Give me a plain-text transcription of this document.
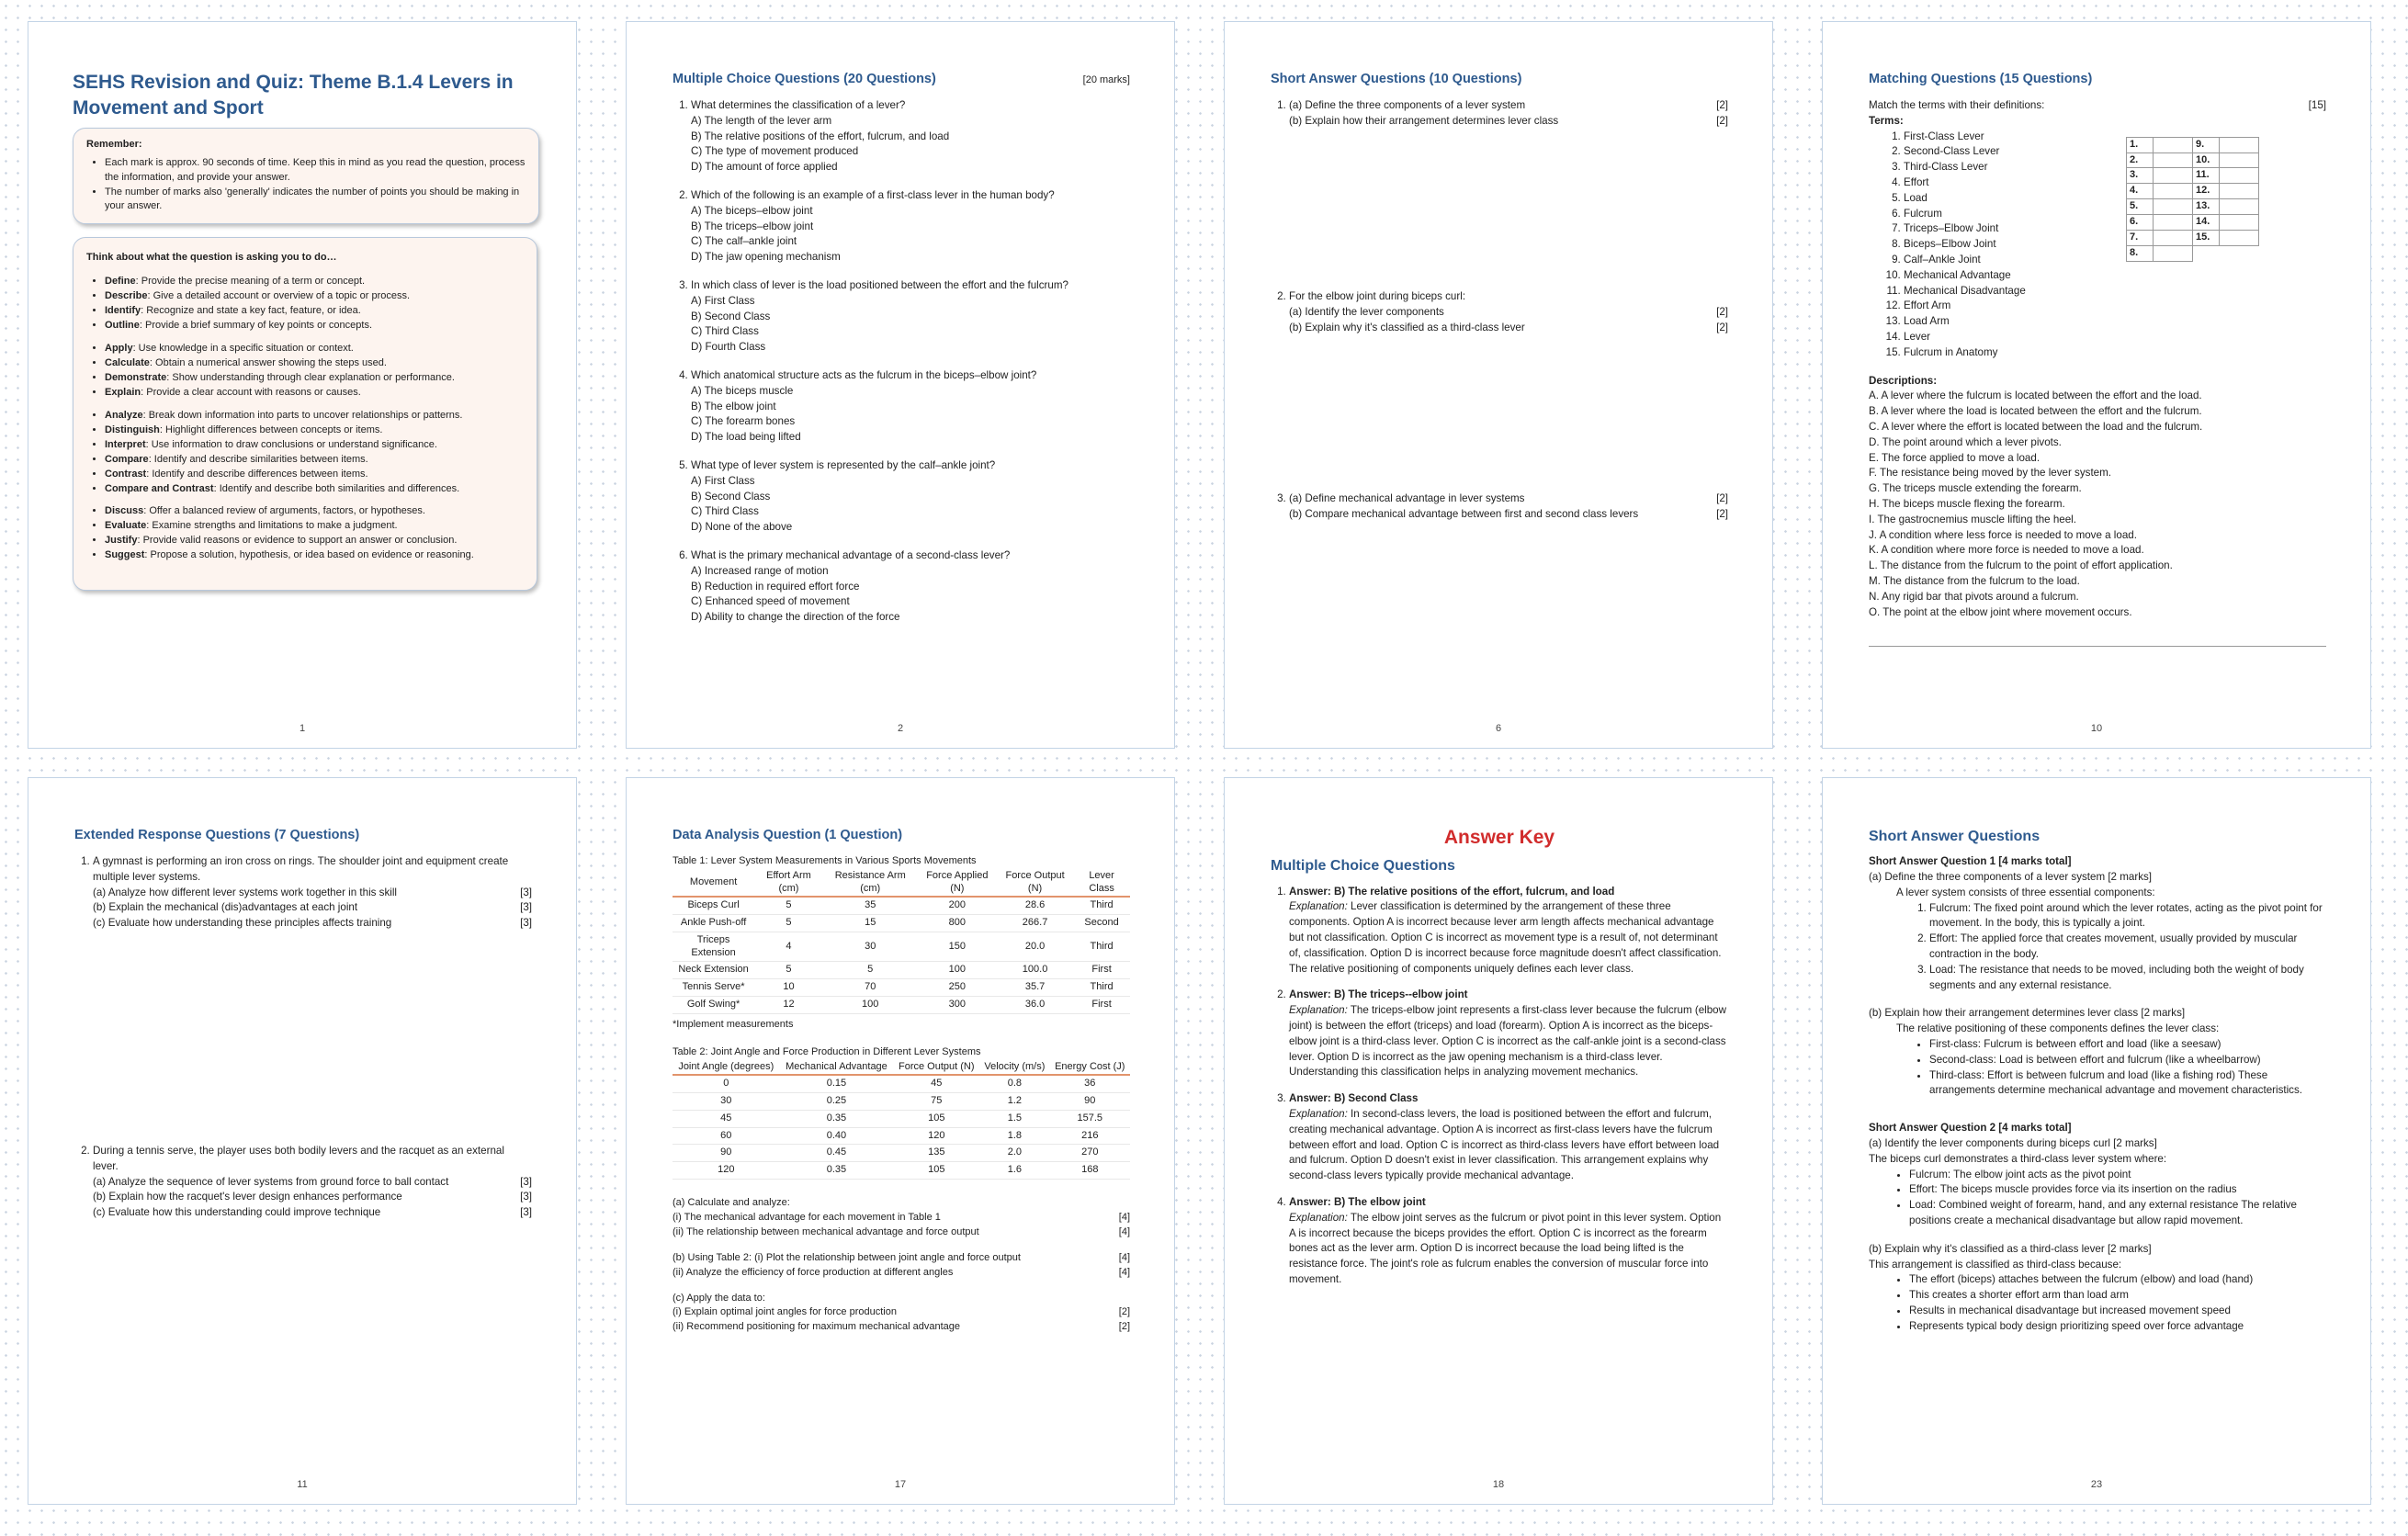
SEHS Revision and Quiz: Theme B.1.4 Levers in Movement and Sport
Remember:
• Each mark is approx. 90 seconds of time. Keep this in mind as you read the question, process the information, and provide your answer.
• The number of marks also 'generally' indicates the number of points you should be making in your answer.
Think about what the question is asking you to do…
• Define: Provide the precise meaning of a term or concept.
• Describe: Give a detailed account or overview of a topic or process.
• Identify: Recognize and state a key fact, feature, or idea.
• Outline: Provide a brief summary of key points or concepts.
• Apply: Use knowledge in a specific situation or context.
• Calculate: Obtain a numerical answer showing the steps used.
• Demonstrate: Show understanding through clear explanation or performance.
• Explain: Provide a clear account with reasons or causes.
• Analyze: Break down information into parts to uncover relationships or patterns.
• Distinguish: Highlight differences between concepts or items.
• Interpret: Use information to draw conclusions or understand significance.
• Compare: Identify and describe similarities between items.
• Contrast: Identify and describe differences between items.
• Compare and Contrast: Identify and describe both similarities and differences.
• Discuss: Offer a balanced review of arguments, factors, or hypotheses.
• Evaluate: Examine strengths and limitations to make a judgment.
• Justify: Provide valid reasons or evidence to support an answer or conclusion.
• Suggest: Propose a solution, hypothesis, or idea based on evidence or reasoning.
1
Multiple Choice Questions (20 Questions)	[20 marks]
1. What determines the classification of a lever?
A) The length of the lever arm
B) The relative positions of the effort, fulcrum, and load
C) The type of movement produced
D) The amount of force applied
2. Which of the following is an example of a first-class lever in the human body?
A) The biceps–elbow joint
B) The triceps–elbow joint
C) The calf–ankle joint
D) The jaw opening mechanism
3. In which class of lever is the load positioned between the effort and the fulcrum?
A) First Class
B) Second Class
C) Third Class
D) Fourth Class
4. Which anatomical structure acts as the fulcrum in the biceps–elbow joint?
A) The biceps muscle
B) The elbow joint
C) The forearm bones
D) The load being lifted
5. What type of lever system is represented by the calf–ankle joint?
A) First Class
B) Second Class
C) Third Class
D) None of the above
6. What is the primary mechanical advantage of a second-class lever?
A) Increased range of motion
B) Reduction in required effort force
C) Enhanced speed of movement
D) Ability to change the direction of the force
2
Short Answer Questions (10 Questions)
1. (a) Define the three components of a lever system	[2]
(b) Explain how their arrangement determines lever class	[2]
2. For the elbow joint during biceps curl:
(a) Identify the lever components	[2]
(b) Explain why it's classified as a third-class lever	[2]
3. (a) Define mechanical advantage in lever systems	[2]
(b) Compare mechanical advantage between first and second class levers	[2]
6
Matching Questions (15 Questions)
Match the terms with their definitions:	[15]
Terms:
1. First-Class Lever
2. Second-Class Lever
3. Third-Class Lever
4. Effort
5. Load
6. Fulcrum
7. Triceps–Elbow Joint
8. Biceps–Elbow Joint
9. Calf–Ankle Joint
10. Mechanical Advantage
11. Mechanical Disadvantage
12. Effort Arm
13. Load Arm
14. Lever
15. Fulcrum in Anatomy
1.		9.	
2.		10.	
3.		11.	
4.		12.	
5.		13.	
6.		14.	
7.		15.	
8.			
Descriptions:
A. A lever where the fulcrum is located between the effort and the load.
B. A lever where the load is located between the effort and the fulcrum.
C. A lever where the effort is located between the load and the fulcrum.
D. The point around which a lever pivots.
E. The force applied to move a load.
F. The resistance being moved by the lever system.
G. The triceps muscle extending the forearm.
H. The biceps muscle flexing the forearm.
I. The gastrocnemius muscle lifting the heel.
J. A condition where less force is needed to move a load.
K. A condition where more force is needed to move a load.
L. The distance from the fulcrum to the point of effort application.
M. The distance from the fulcrum to the load.
N. Any rigid bar that pivots around a fulcrum.
O. The point at the elbow joint where movement occurs.
10
Extended Response Questions (7 Questions)
1. A gymnast is performing an iron cross on rings. The shoulder joint and equipment create multiple lever systems.
(a) Analyze how different lever systems work together in this skill	[3]
(b) Explain the mechanical (dis)advantages at each joint	[3]
(c) Evaluate how understanding these principles affects training	[3]
2. During a tennis serve, the player uses both bodily levers and the racquet as an external lever.
(a) Analyze the sequence of lever systems from ground force to ball contact	[3]
(b) Explain how the racquet's lever design enhances performance	[3]
(c) Evaluate how this understanding could improve technique	[3]
11
Data Analysis Question (1 Question)
Table 1: Lever System Measurements in Various Sports Movements
Movement	Effort Arm (cm)	Resistance Arm (cm)	Force Applied (N)	Force Output (N)	Lever Class
Biceps Curl	5	35	200	28.6	Third
Ankle Push-off	5	15	800	266.7	Second
Triceps Extension	4	30	150	20.0	Third
Neck Extension	5	5	100	100.0	First
Tennis Serve*	10	70	250	35.7	Third
Golf Swing*	12	100	300	36.0	First
*Implement measurements
Table 2: Joint Angle and Force Production in Different Lever Systems
Joint Angle (degrees)	Mechanical Advantage	Force Output (N)	Velocity (m/s)	Energy Cost (J)
0	0.15	45	0.8	36
30	0.25	75	1.2	90
45	0.35	105	1.5	157.5
60	0.40	120	1.8	216
90	0.45	135	2.0	270
120	0.35	105	1.6	168
(a) Calculate and analyze:
(i) The mechanical advantage for each movement in Table 1	[4]
(ii) The relationship between mechanical advantage and force output	[4]
(b) Using Table 2: (i) Plot the relationship between joint angle and force output	[4]
(ii) Analyze the efficiency of force production at different angles	[4]
(c) Apply the data to:
(i) Explain optimal joint angles for force production	[2]
(ii) Recommend positioning for maximum mechanical advantage	[2]
17
Answer Key
Multiple Choice Questions
1. Answer: B) The relative positions of the effort, fulcrum, and load
Explanation: Lever classification is determined by the arrangement of these three components. Option A is incorrect because lever arm length affects mechanical advantage but not classification. Option C is incorrect as movement type is a result of, not determinant of, classification. Option D is incorrect because force magnitude doesn't affect classification. The relative positioning of components uniquely defines each lever class.
2. Answer: B) The triceps--elbow joint
Explanation: The triceps-elbow joint represents a first-class lever because the fulcrum (elbow joint) is between the effort (triceps) and load (forearm). Option A is incorrect as the biceps-elbow joint is a third-class lever. Option C is incorrect as the calf-ankle joint is a second-class lever. Option D is incorrect as the jaw opening mechanism is a third-class lever. Understanding this classification helps in analyzing movement mechanics.
3. Answer: B) Second Class
Explanation: In second-class levers, the load is positioned between the effort and fulcrum, creating mechanical advantage. Option A is incorrect as first-class levers have the fulcrum between effort and load. Option C is incorrect as third-class levers have effort between load and fulcrum. Option D doesn't exist in lever classification. This arrangement explains why second-class levers typically provide mechanical advantage.
4. Answer: B) The elbow joint
Explanation: The elbow joint serves as the fulcrum or pivot point in this lever system. Option A is incorrect because the biceps provides the effort. Option C is incorrect as the forearm bones act as the lever arm. Option D is incorrect because the load being lifted is the resistance force. The joint's role as fulcrum enables the conversion of muscular force into movement.
18
Short Answer Questions
Short Answer Question 1 [4 marks total]
(a) Define the three components of a lever system [2 marks]
A lever system consists of three essential components:
1. Fulcrum: The fixed point around which the lever rotates, acting as the pivot point for movement. In the body, this is typically a joint.
2. Effort: The applied force that creates movement, usually provided by muscular contraction in the body.
3. Load: The resistance that needs to be moved, including both the weight of body segments and any external resistance.
(b) Explain how their arrangement determines lever class [2 marks]
The relative positioning of these components defines the lever class:
• First-class: Fulcrum is between effort and load (like a seesaw)
• Second-class: Load is between effort and fulcrum (like a wheelbarrow)
• Third-class: Effort is between fulcrum and load (like a fishing rod) These arrangements determine mechanical advantage and movement characteristics.
Short Answer Question 2 [4 marks total]
(a) Identify the lever components during biceps curl [2 marks]
The biceps curl demonstrates a third-class lever system where:
• Fulcrum: The elbow joint acts as the pivot point
• Effort: The biceps muscle provides force via its insertion on the radius
• Load: Combined weight of forearm, hand, and any external resistance The relative positions create a mechanical disadvantage but allow rapid movement.
(b) Explain why it's classified as a third-class lever [2 marks]
This arrangement is classified as third-class because:
• The effort (biceps) attaches between the fulcrum (elbow) and load (hand)
• This creates a shorter effort arm than load arm
• Results in mechanical disadvantage but increased movement speed
• Represents typical body design prioritizing speed over force advantage
23
